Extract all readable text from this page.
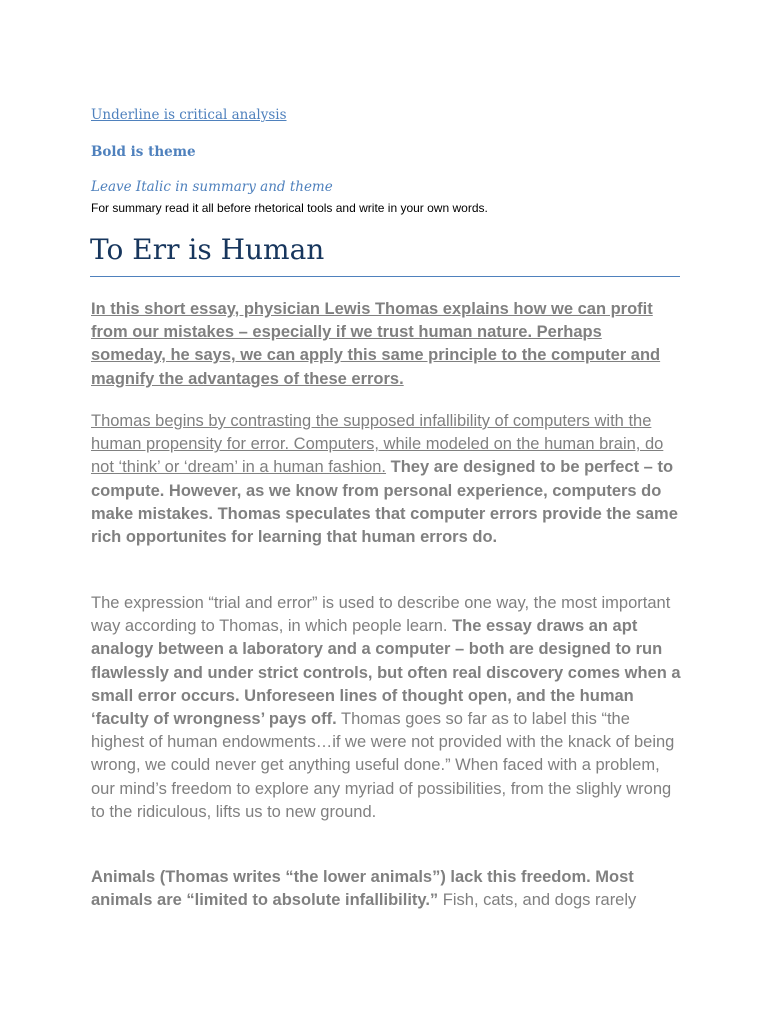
Underline is critical analysis
Bold is theme
Leave Italic in summary and theme
For summary read it all before rhetorical tools and write in your own words.
To Err is Human

In this short essay, physician Lewis Thomas explains how we can profit from our mistakes – especially if we trust human nature. Perhaps someday, he says, we can apply this same principle to the computer and magnify the advantages of these errors.

Thomas begins by contrasting the supposed infallibility of computers with the human propensity for error. Computers, while modeled on the human brain, do not ‘think’ or ‘dream’ in a human fashion. They are designed to be perfect – to compute. However, as we know from personal experience, computers do make mistakes. Thomas speculates that computer errors provide the same rich opportunites for learning that human errors do.

The expression “trial and error” is used to describe one way, the most important way according to Thomas, in which people learn. The essay draws an apt analogy between a laboratory and a computer – both are designed to run flawlessly and under strict controls, but often real discovery comes when a small error occurs. Unforeseen lines of thought open, and the human ‘faculty of wrongness’ pays off. Thomas goes so far as to label this “the highest of human endowments…if we were not provided with the knack of being wrong, we could never get anything useful done.” When faced with a problem, our mind’s freedom to explore any myriad of possibilities, from the slighly wrong to the ridiculous, lifts us to new ground.

Animals (Thomas writes “the lower animals”) lack this freedom. Most animals are “limited to absolute infallibility.” Fish, cats, and dogs rarely
